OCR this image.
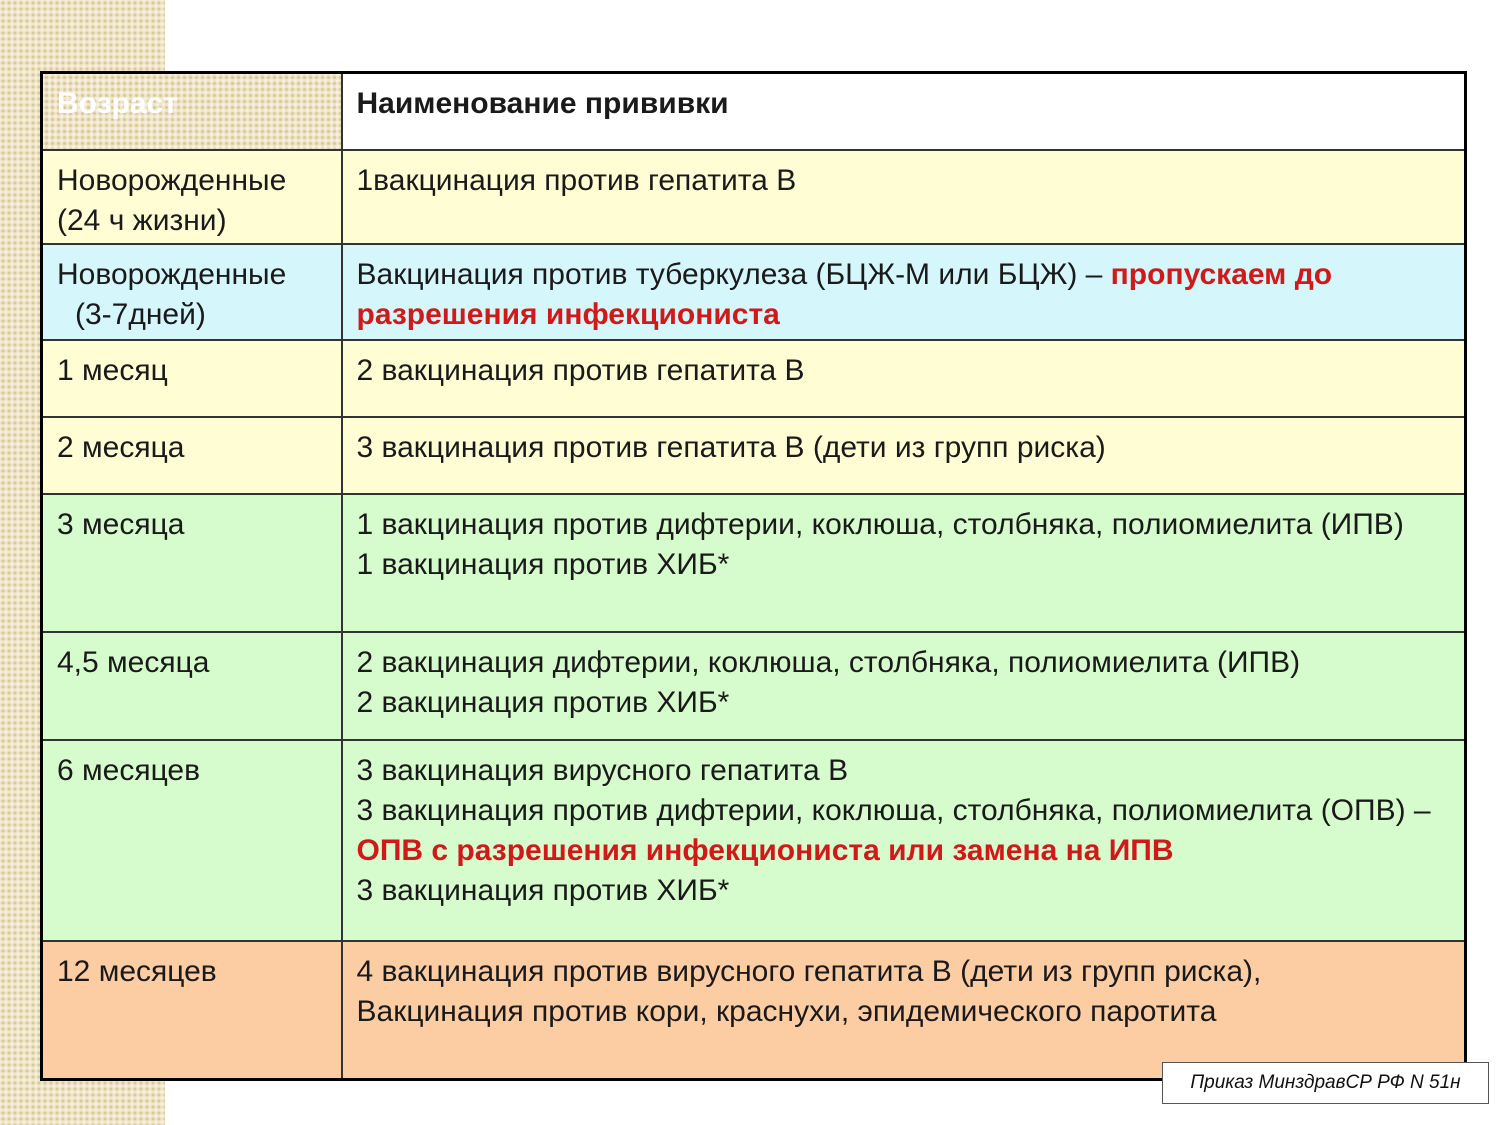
Возраст	Наименование прививки

Новорожденные
(24 ч жизни)	1вакцинация против гепатита В

Новорожденные
(3-7дней)	Вакцинация против туберкулеза (БЦЖ-М или БЦЖ) – пропускаем до разрешения инфекциониста
1 месяц	2 вакцинация против гепатита В
2 месяца	3 вакцинация против гепатита В (дети из групп риска)
3 месяца	1 вакцинация против дифтерии, коклюша, столбняка, полиомиелита (ИПВ)
1 вакцинация против ХИБ*

4,5 месяца	2 вакцинация дифтерии, коклюша, столбняка, полиомиелита (ИПВ)
2 вакцинация против ХИБ*

6 месяцев	3 вакцинация вирусного гепатита В
3 вакцинация против дифтерии, коклюша, столбняка, полиомиелита (ОПВ) – ОПВ с разрешения инфекциониста или замена на ИПВ
3 вакцинация против ХИБ*

12 месяцев	4 вакцинация против вирусного гепатита В (дети из групп риска),
Вакцинация против кори, краснухи, эпидемического паротита
Приказ МинздравСР РФ N 51н
